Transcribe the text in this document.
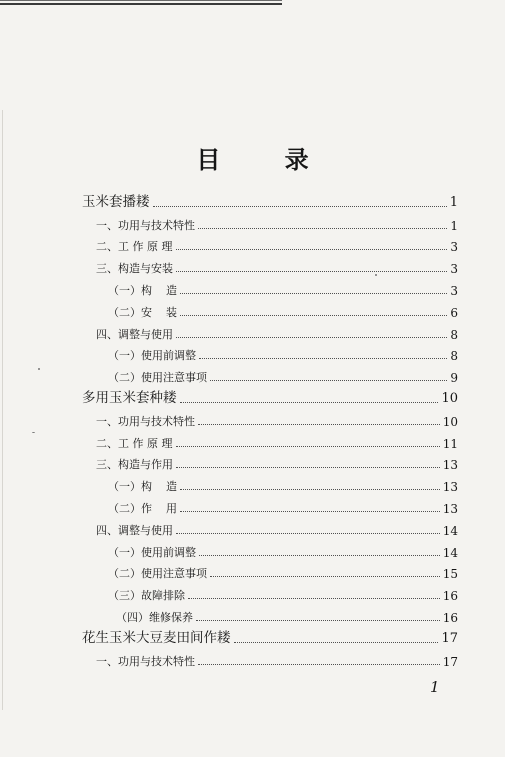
目 录
玉米套播耧	1
一、功用与技术特性	1
二、工 作 原 理	3
三、构造与安装	3
（一）构    造	3
（二）安    装	6
四、调整与使用	8
（一）使用前调整	8
（二）使用注意事项	9
多用玉米套种耧	10
一、功用与技术特性	10
二、工 作 原 理	11
三、构造与作用	13
（一）构    造	13
（二）作    用	13
四、调整与使用	14
（一）使用前调整	14
（二）使用注意事项	15
（三）故障排除	16
（四）维修保养	16
花生玉米大豆麦田间作耧	17
一、功用与技术特性	17
1
